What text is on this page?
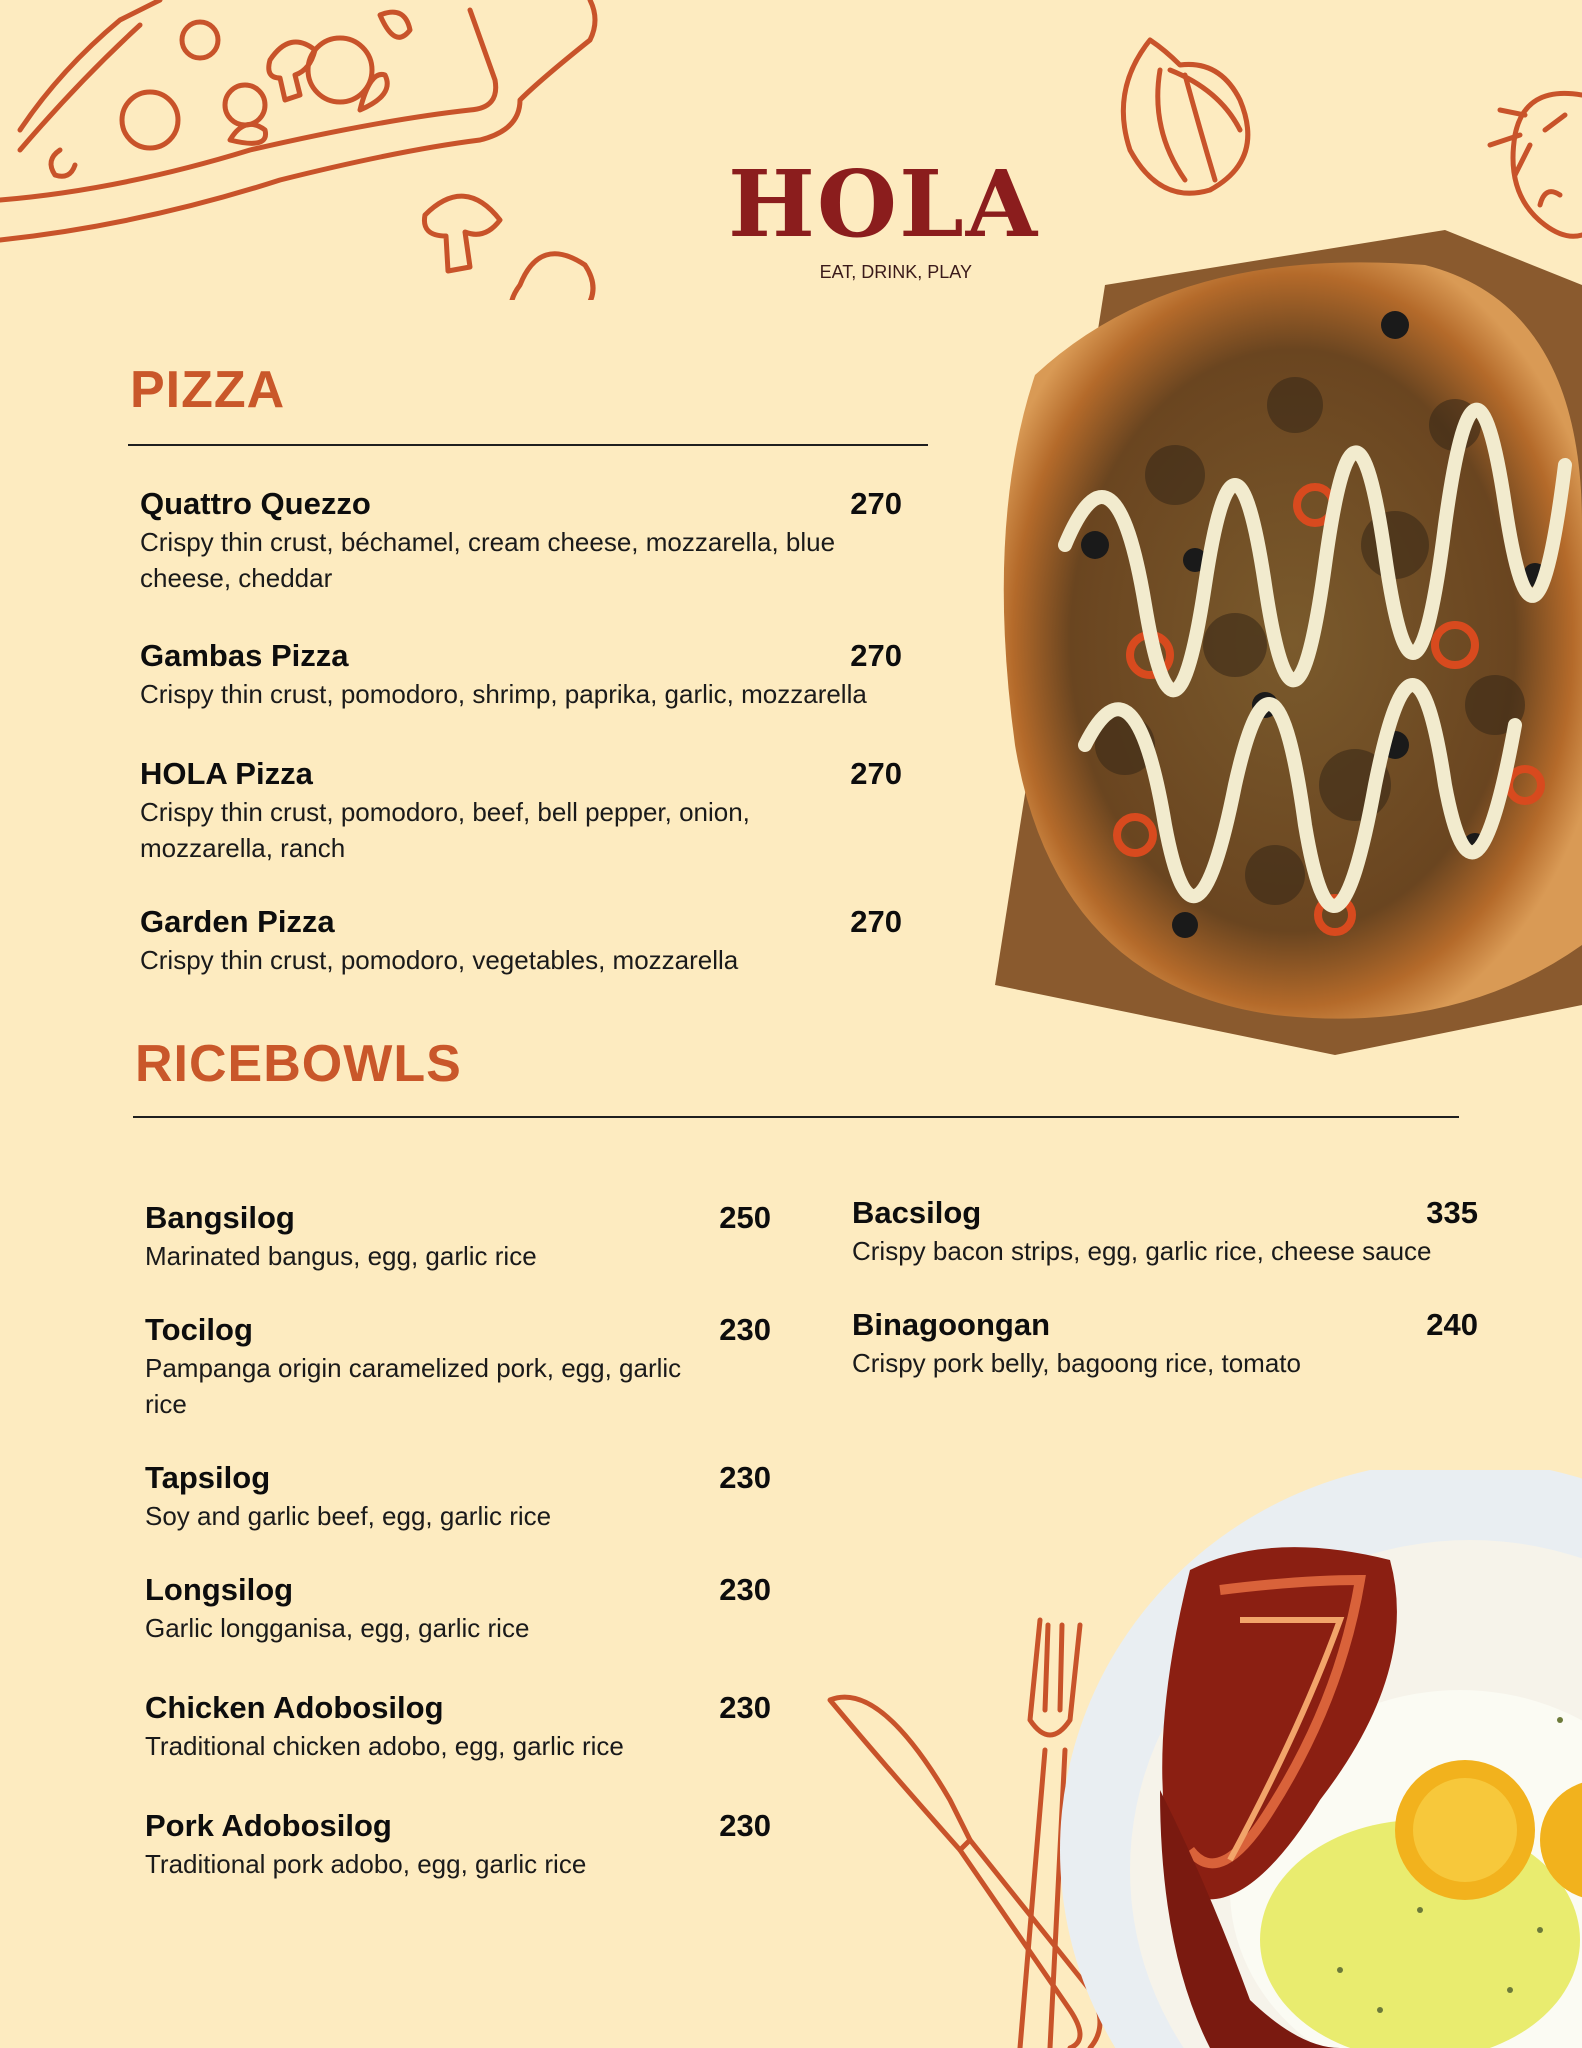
HOLA
EAT, DRINK, PLAY
PIZZA
Quattro Quezzo	270
Crispy thin crust, béchamel, cream cheese, mozzarella, blue cheese, cheddar
Gambas Pizza	270
Crispy thin crust, pomodoro, shrimp, paprika, garlic, mozzarella
HOLA Pizza	270
Crispy thin crust, pomodoro, beef, bell pepper, onion, mozzarella, ranch
Garden Pizza	270
Crispy thin crust, pomodoro, vegetables, mozzarella
RICEBOWLS
Bangsilog	250
Marinated bangus, egg, garlic rice
Tocilog	230
Pampanga origin caramelized pork, egg, garlic rice
Tapsilog	230
Soy and garlic beef, egg, garlic rice
Longsilog	230
Garlic longganisa, egg, garlic rice
Chicken Adobosilog	230
Traditional chicken adobo, egg, garlic rice
Pork Adobosilog	230
Traditional pork adobo, egg, garlic rice
Bacsilog	335
Crispy bacon strips, egg, garlic rice, cheese sauce
Binagoongan	240
Crispy pork belly, bagoong rice, tomato
